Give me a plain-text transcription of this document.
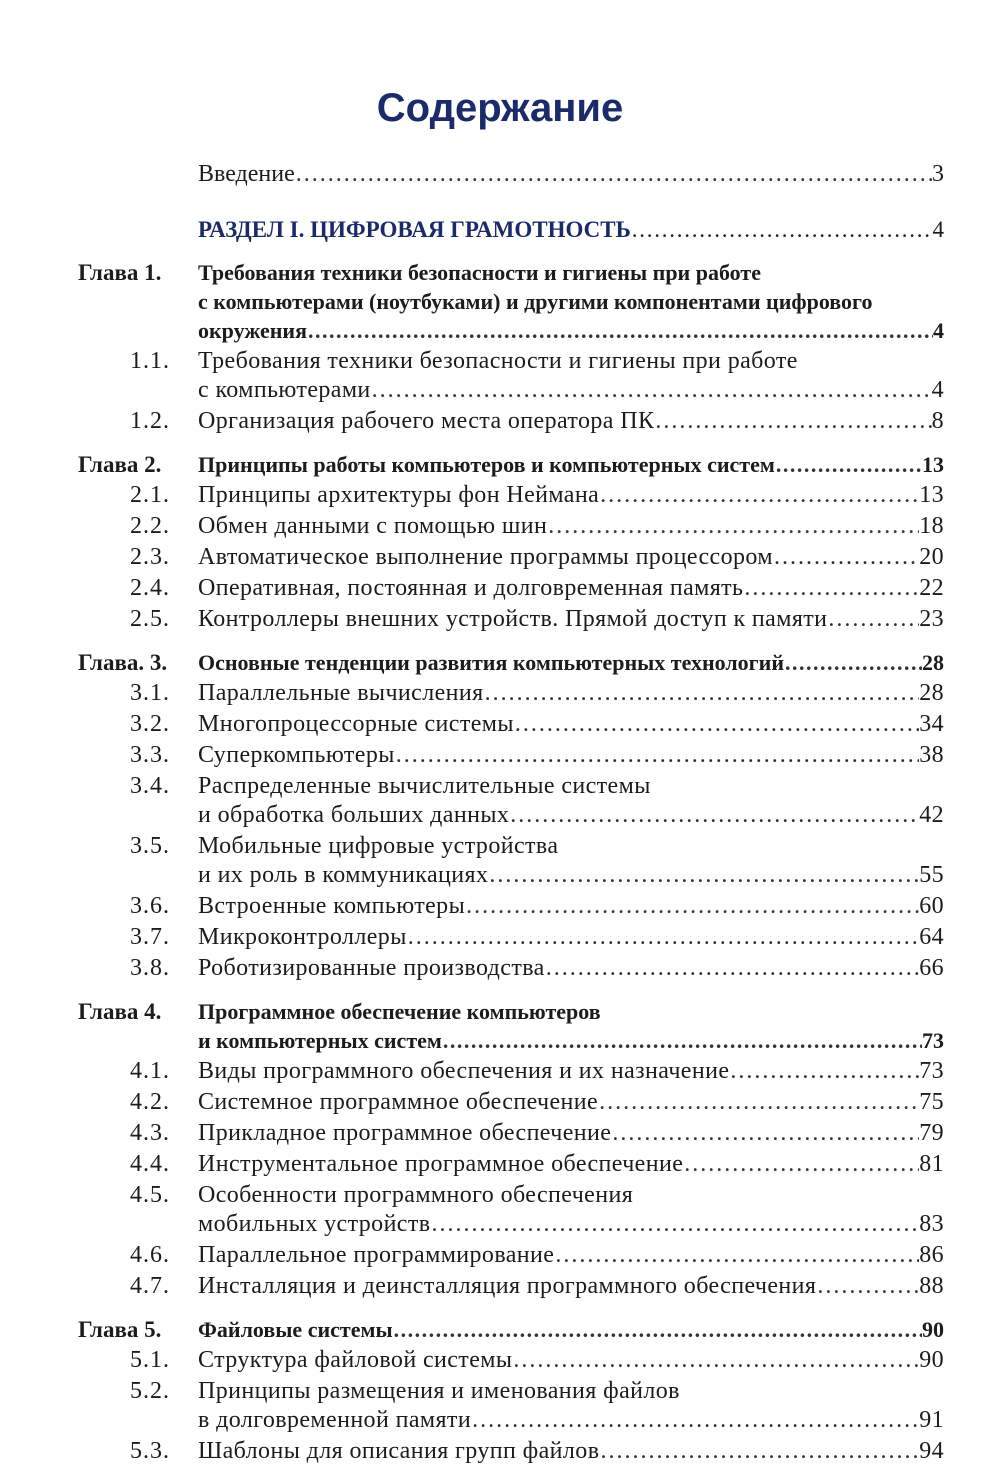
Содержание
Введение . . .	3
РАЗДЕЛ I. ЦИФРОВАЯ ГРАМОТНОСТЬ . . .	4
Глава 1.	Требования техники безопасности и гигиены при работе
с компьютерами (ноутбуками) и другими компонентами цифрового
окружения . . .	4
1.1.	Требования техники безопасности и гигиены при работе
с компьютерами . . .	4
1.2.	Организация рабочего места оператора ПК . . .	8
Глава 2.	Принципы работы компьютеров и компьютерных систем . . .	13
2.1.	Принципы архитектуры фон Неймана . . .	13
2.2.	Обмен данными с помощью шин . . .	18
2.3.	Автоматическое выполнение программы процессором . . .	20
2.4.	Оперативная, постоянная и долговременная память . . .	22
2.5.	Контроллеры внешних устройств. Прямой доступ к памяти . . .	23
Глава. 3.	Основные тенденции развития компьютерных технологий . . .	28
3.1.	Параллельные вычисления . . .	28
3.2.	Многопроцессорные системы . . .	34
3.3.	Суперкомпьютеры . . .	38
3.4.	Распределенные вычислительные системы
и обработка больших данных . . .	42
3.5.	Мобильные цифровые устройства
и их роль в коммуникациях . . .	55
3.6.	Встроенные компьютеры . . .	60
3.7.	Микроконтроллеры . . .	64
3.8.	Роботизированные производства . . .	66
Глава 4.	Программное обеспечение компьютеров
и компьютерных систем . . .	73
4.1.	Виды программного обеспечения и их назначение . . .	73
4.2.	Системное программное обеспечение . . .	75
4.3.	Прикладное программное обеспечение . . .	79
4.4.	Инструментальное программное обеспечение . . .	81
4.5.	Особенности программного обеспечения
мобильных устройств . . .	83
4.6.	Параллельное программирование . . .	86
4.7.	Инсталляция и деинсталляция программного обеспечения . . .	88
Глава 5.	Файловые системы . . .	90
5.1.	Структура файловой системы . . .	90
5.2.	Принципы размещения и именования файлов
в долговременной памяти . . .	91
5.3.	Шаблоны для описания групп файлов . . .	94
